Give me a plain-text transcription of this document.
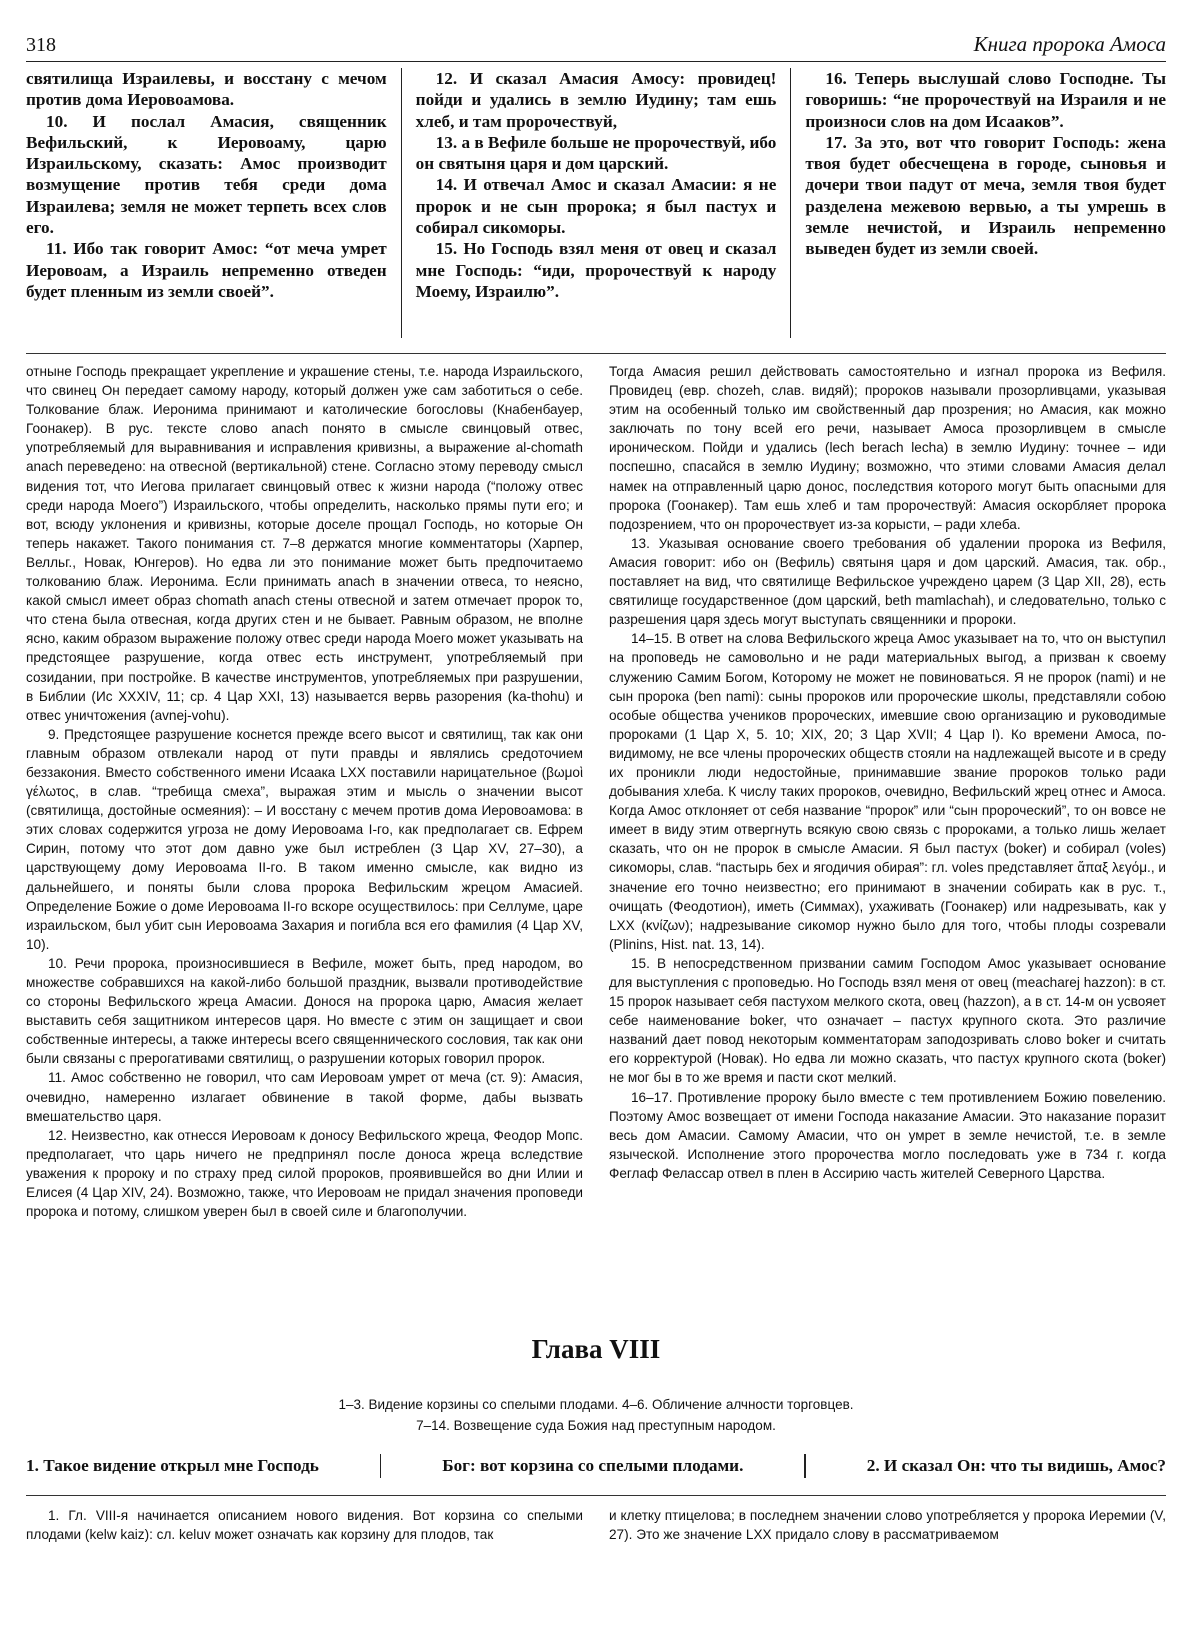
318	Книга пророка Амоса

святилища Израилевы, и восстану с мечом против дома Иеровоамова.

10. И послал Амасия, священник Вефильский, к Иеровоаму, царю Израильскому, сказать: Амос производит возмущение против тебя среди дома Израилева; земля не может терпеть всех слов его.

11. Ибо так говорит Амос: “от меча умрет Иеровоам, а Израиль непременно отведен будет пленным из земли своей”.

12. И сказал Амасия Амосу: провидец! пойди и удались в землю Иудину; там ешь хлеб, и там пророчествуй,

13. а в Вефиле больше не пророчествуй, ибо он святыня царя и дом царский.

14. И отвечал Амос и сказал Амасии: я не пророк и не сын пророка; я был пастух и собирал сикоморы.

15. Но Господь взял меня от овец и сказал мне Господь: “иди, пророчествуй к народу Моему, Израилю”.

16. Теперь выслушай слово Господне. Ты говоришь: “не пророчествуй на Израиля и не произноси слов на дом Исааков”.

17. За это, вот что говорит Господь: жена твоя будет обесчещена в городе, сыновья и дочери твои падут от меча, земля твоя будет разделена межевою вервью, а ты умрешь в земле нечистой, и Израиль непременно выведен будет из земли своей.

отныне Господь прекращает укрепление и украшение стены, т.е. народа Израильского, что свинец Он передает самому народу, который должен уже сам заботиться о себе. Толкование блаж. Иеронима принимают и католические богословы (Кнабенбауер, Гоонакер). В рус. тексте слово anach понято в смысле свинцовый отвес, употребляемый для выравнивания и исправления кривизны, а выражение al-chomath anach переведено: на отвесной (вертикальной) стене. Согласно этому переводу смысл видения тот, что Иегова прилагает свинцовый отвес к жизни народа (“положу отвес среди народа Моего”) Израильского, чтобы определить, насколько прямы пути его; и вот, всюду уклонения и кривизны, которые доселе прощал Господь, но которые Он теперь накажет. Такого понимания ст. 7–8 держатся многие комментаторы (Харпер, Велльг., Новак, Юнгеров). Но едва ли это понимание может быть предпочитаемо толкованию блаж. Иеронима. Если принимать anach в значении отвеса, то неясно, какой смысл имеет образ chomath anach стены отвесной и затем отмечает пророк то, что стена была отвесная, когда других стен и не бывает. Равным образом, не вполне ясно, каким образом выражение положу отвес среди народа Моего может указывать на предстоящее разрушение, когда отвес есть инструмент, употребляемый при созидании, при постройке. В качестве инструментов, употребляемых при разрушении, в Библии (Ис XXXIV, 11; ср. 4 Цар XXI, 13) называется вервь разорения (ka-thohu) и отвес уничтожения (avnej-vohu).

9. Предстоящее разрушение коснется прежде всего высот и святилищ, так как они главным образом отвлекали народ от пути правды и являлись средоточием беззакония. Вместо собственного имени Исаака LXX поставили нарицательное (βωμοὶ γέλωτος, в слав. “требища смеха”, выражая этим и мысль о значении высот (святилища, достойные осмеяния): – И восстану с мечем против дома Иеровоамова: в этих словах содержится угроза не дому Иеровоама I-го, как предполагает св. Ефрем Сирин, потому что этот дом давно уже был истреблен (3 Цар XV, 27–30), а царствующему дому Иеровоама II-го. В таком именно смысле, как видно из дальнейшего, и поняты были слова пророка Вефильским жрецом Амасией. Определение Божие о доме Иеровоама II-го вскоре осуществилось: при Селлуме, царе израильском, был убит сын Иеровоама Захария и погибла вся его фамилия (4 Цар XV, 10).

10. Речи пророка, произносившиеся в Вефиле, может быть, пред народом, во множестве собравшихся на какой-либо большой праздник, вызвали противодействие со стороны Вефильского жреца Амасии. Донося на пророка царю, Амасия желает выставить себя защитником интересов царя. Но вместе с этим он защищает и свои собственные интересы, а также интересы всего священнического сословия, так как они были связаны с прерогативами святилищ, о разрушении которых говорил пророк.

11. Амос собственно не говорил, что сам Иеровоам умрет от меча (ст. 9): Амасия, очевидно, намеренно излагает обвинение в такой форме, дабы вызвать вмешательство царя.

12. Неизвестно, как отнесся Иеровоам к доносу Вефильского жреца, Феодор Мопс. предполагает, что царь ничего не предпринял после доноса жреца вследствие уважения к пророку и по страху пред силой пророков, проявившейся во дни Илии и Елисея (4 Цар XIV, 24). Возможно, также, что Иеровоам не придал значения проповеди пророка и потому, слишком уверен был в своей силе и благополучии.

Тогда Амасия решил действовать самостоятельно и изгнал пророка из Вефиля. Провидец (евр. chozeh, слав. видяй); пророков называли прозорливцами, указывая этим на особенный только им свойственный дар прозрения; но Амасия, как можно заключать по тону всей его речи, называет Амоса прозорливцем в смысле ироническом. Пойди и удались (lech berach lecha) в землю Иудину: точнее – иди поспешно, спасайся в землю Иудину; возможно, что этими словами Амасия делал намек на отправленный царю донос, последствия которого могут быть опасными для пророка (Гоонакер). Там ешь хлеб и там пророчествуй: Амасия оскорбляет пророка подозрением, что он пророчествует из-за корысти, – ради хлеба.

13. Указывая основание своего требования об удалении пророка из Вефиля, Амасия говорит: ибо он (Вефиль) святыня царя и дом царский. Амасия, так. обр., поставляет на вид, что святилище Вефильское учреждено царем (3 Цар XII, 28), есть святилище государственное (дом царский, beth mamlachah), и следовательно, только с разрешения царя здесь могут выступать священники и пророки.

14–15. В ответ на слова Вефильского жреца Амос указывает на то, что он выступил на проповедь не самовольно и не ради материальных выгод, а призван к своему служению Самим Богом, Которому не может не повиноваться. Я не пророк (nami) и не сын пророка (ben nami): сыны пророков или пророческие школы, представляли собою особые общества учеников пророческих, имевшие свою организацию и руководимые пророками (1 Цар X, 5. 10; XIX, 20; 3 Цар XVII; 4 Цар I). Ко времени Амоса, по-видимому, не все члены пророческих обществ стояли на надлежащей высоте и в среду их проникли люди недостойные, принимавшие звание пророков только ради добывания хлеба. К числу таких пророков, очевидно, Вефильский жрец отнес и Амоса. Когда Амос отклоняет от себя название “пророк” или “сын пророческий”, то он вовсе не имеет в виду этим отвергнуть всякую свою связь с пророками, а только лишь желает сказать, что он не пророк в смысле Амасии. Я был пастух (boker) и собирал (voles) сикоморы, слав. “пастырь бех и ягодичия обирая”: гл. voles представляет ἅπαξ λεγόμ., и значение его точно неизвестно; его принимают в значении собирать как в рус. т., очищать (Феодотион), иметь (Симмах), ухаживать (Гоонакер) или надрезывать, как у LXX (κνίζων); надрезывание сикомор нужно было для того, чтобы плоды созревали (Plinins, Hist. nat. 13, 14).

15. В непосредственном призвании самим Господом Амос указывает основание для выступления с проповедью. Но Господь взял меня от овец (meacharej hazzon): в ст. 15 пророк называет себя пастухом мелкого скота, овец (hazzon), а в ст. 14-м он усвояет себе наименование boker, что означает – пастух крупного скота. Это различие названий дает повод некоторым комментаторам заподозривать слово boker и считать его корректурой (Новак). Но едва ли можно сказать, что пастух крупного скота (boker) не мог бы в то же время и пасти скот мелкий.

16–17. Противление пророку было вместе с тем противлением Божию повелению. Поэтому Амос возвещает от имени Господа наказание Амасии. Это наказание поразит весь дом Амасии. Самому Амасии, что он умрет в земле нечистой, т.е. в земле языческой. Исполнение этого пророчества могло последовать уже в 734 г. когда Феглаф Фелассар отвел в плен в Ассирию часть жителей Северного Царства.

Глава VIII
1–3. Видение корзины со спелыми плодами. 4–6. Обличение алчности торговцев.
7–14. Возвещение суда Божия над преступным народом.
1. Такое видение открыл мне Господь	Бог: вот корзина со спелыми плодами.	2. И сказал Он: что ты видишь, Амос?

1. Гл. VIII-я начинается описанием нового видения. Вот корзина со спелыми плодами (kelw kaiz): сл. keluv может означать как корзину для плодов, так

и клетку птицелова; в последнем значении слово употребляется у пророка Иеремии (V, 27). Это же значение LXX придало слову в рассматриваемом
